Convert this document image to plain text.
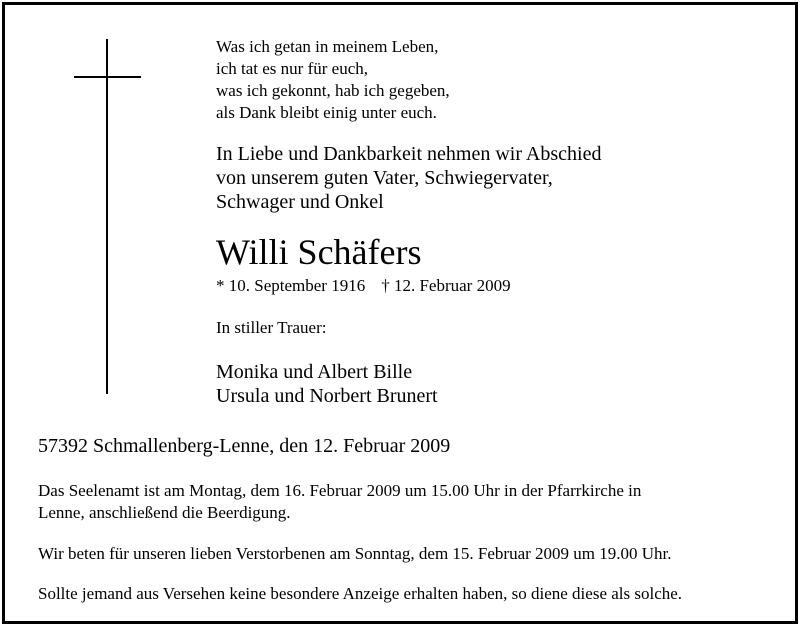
Was ich getan in meinem Leben,
ich tat es nur für euch,
was ich gekonnt, hab ich gegeben,
als Dank bleibt einig unter euch.
In Liebe und Dankbarkeit nehmen wir Abschied
von unserem guten Vater, Schwiegervater,
Schwager und Onkel
Willi Schäfers
* 10. September 1916 † 12. Februar 2009
In stiller Trauer:
Monika und Albert Bille
Ursula und Norbert Brunert
57392 Schmallenberg-Lenne, den 12. Februar 2009
Das Seelenamt ist am Montag, dem 16. Februar 2009 um 15.00 Uhr in der Pfarrkirche in
Lenne, anschließend die Beerdigung.
Wir beten für unseren lieben Verstorbenen am Sonntag, dem 15. Februar 2009 um 19.00 Uhr.
Sollte jemand aus Versehen keine besondere Anzeige erhalten haben, so diene diese als solche.
